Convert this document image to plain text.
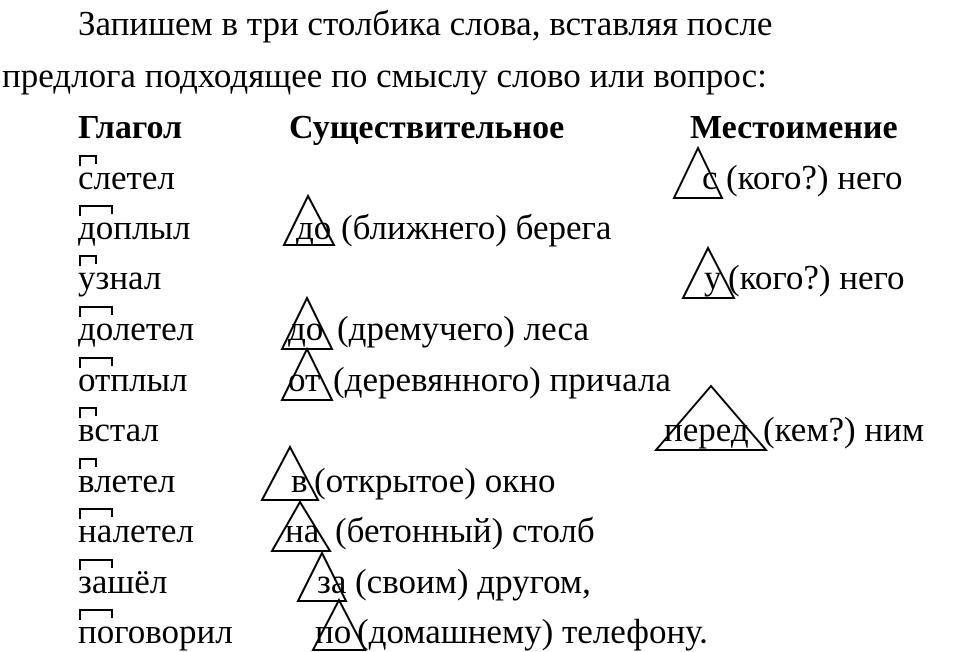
Запишем в три столбика слова, вставляя после
предлога подходящее по смыслу слово или вопрос:
Глагол	Существительное	Местоимение
слетел
доплыл
узнал
долетел
отплыл
встал
влетел
налетел
зашёл
поговорил
с
до
у
до
от
перед
в
на
за
по
(кого?) него
(ближнего) берега
(кого?) него
(дремучего) леса
(деревянного) причала
(кем?) ним
(открытое) окно
(бетонный) столб
(своим) другом,
(домашнему) телефону.
